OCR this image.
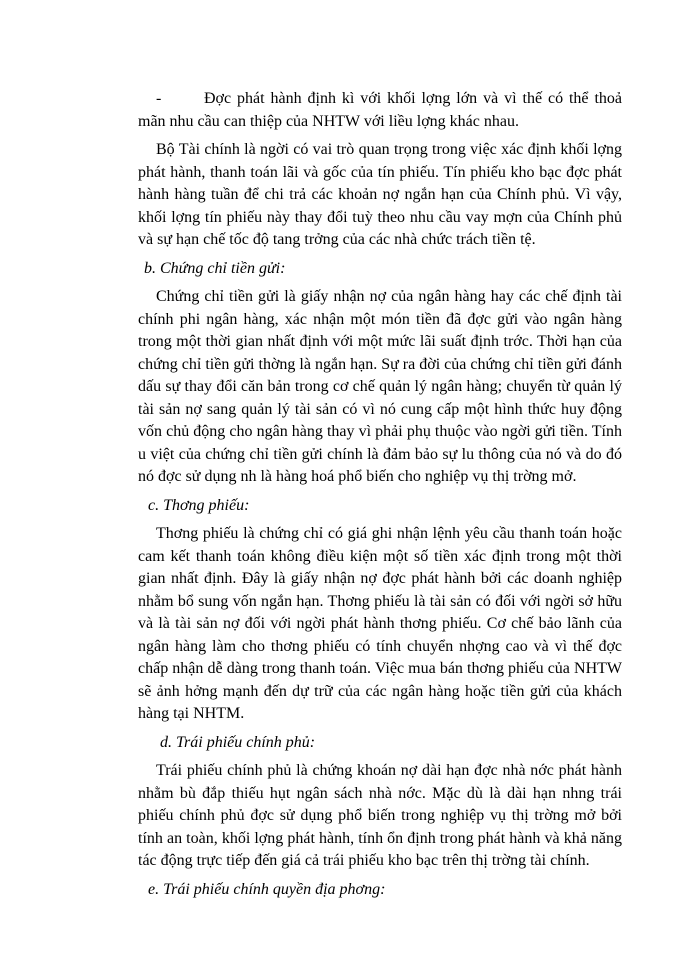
-	Đợc phát hành định kì với khối lợng lớn và vì thế có thể thoả mãn nhu cầu can thiệp của NHTW với liều lợng khác nhau.

Bộ Tài chính là ngời có vai trò quan trọng trong việc xác định khối lợng phát hành, thanh toán lãi và gốc của tín phiếu. Tín phiếu kho bạc đợc phát hành hàng tuần để chi trả các khoản nợ ngắn hạn của Chính phủ. Vì vậy, khối lợng tín phiếu này thay đổi tuỳ theo nhu cầu vay mợn của Chính phủ và sự hạn chế tốc độ tang trởng của các nhà chức trách tiền tệ.

b. Chứng chỉ tiền gửi:

Chứng chỉ tiền gửi là giấy nhận nợ của ngân hàng hay các chế định tài chính phi ngân hàng, xác nhận một món tiền đã đợc gửi vào ngân hàng trong một thời gian nhất định với một mức lãi suất định trớc. Thời hạn của chứng chỉ tiền gửi thờng là ngắn hạn. Sự ra đời của chứng chỉ tiền gửi đánh dấu sự thay đổi căn bản trong cơ chế quản lý ngân hàng; chuyển từ quản lý tài sản nợ sang quản lý tài sản có vì nó cung cấp một hình thức huy động vốn chủ động cho ngân hàng thay vì phải phụ thuộc vào ngời gửi tiền. Tính u việt của chứng chỉ tiền gửi chính là đảm bảo sự lu thông của nó và do đó nó đợc sử dụng nh là hàng hoá phổ biến cho nghiệp vụ thị trờng mở.

c. Thơng phiếu:

Thơng phiếu là chứng chỉ có giá ghi nhận lệnh yêu cầu thanh toán hoặc cam kết thanh toán không điều kiện một số tiền xác định trong một thời gian nhất định. Đây là giấy nhận nợ đợc phát hành bởi các doanh nghiệp nhằm bổ sung vốn ngắn hạn. Thơng phiếu là tài sản có đối với ngời sở hữu và là tài sản nợ đối với ngời phát hành thơng phiếu. Cơ chế bảo lãnh của ngân hàng làm cho thơng phiếu có tính chuyển nhợng cao và vì thế đợc chấp nhận dễ dàng trong thanh toán. Việc mua bán thơng phiếu của NHTW sẽ ảnh hởng mạnh đến dự trữ của các ngân hàng hoặc tiền gửi của khách hàng tại NHTM.

d. Trái phiếu chính phủ:

Trái phiếu chính phủ là chứng khoán nợ dài hạn đợc nhà nớc phát hành nhằm bù đắp thiếu hụt ngân sách nhà nớc. Mặc dù là dài hạn nhng trái phiếu chính phủ đợc sử dụng phổ biến trong nghiệp vụ thị trờng mở bởi tính an toàn, khối lợng phát hành, tính ổn định trong phát hành và khả năng tác động trực tiếp đến giá cả trái phiếu kho bạc trên thị trờng tài chính.

e. Trái phiếu chính quyền địa phơng:
